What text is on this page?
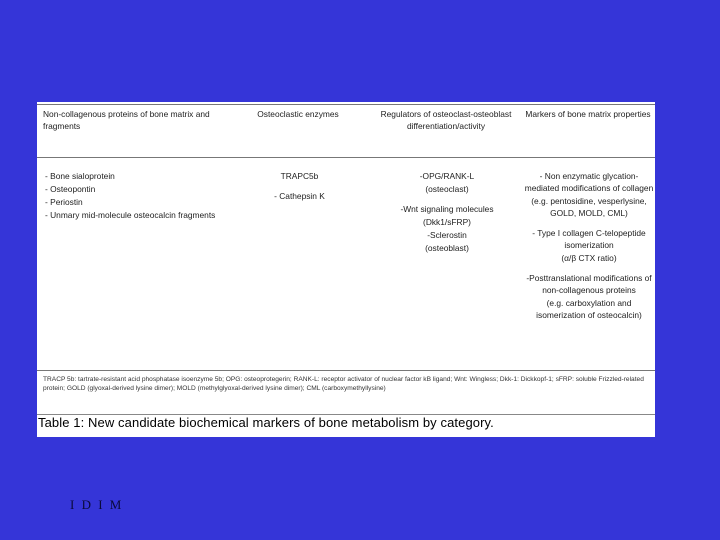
Non-collagenous proteins of bone matrix and fragments
Osteoclastic enzymes	Regulators of osteoclast-osteoblast differentiation/activity
Markers of bone matrix properties
- Bone sialoprotein
- Osteopontin
- Periostin
- Unmary mid-molecule osteocalcin fragments
TRAPC5b
- Cathepsin K
-OPG/RANK-L
(osteoclast)
-Wnt signaling molecules
(Dkk1/sFRP)
-Sclerostin
(osteoblast)
- Non enzymatic glycation-mediated modifications of collagen
(e.g. pentosidine, vesperlysine, GOLD, MOLD, CML)
- Type I collagen C-telopeptide isomerization
(α/β CTX ratio)
-Posttranslational modifications of non-collagenous proteins
(e.g. carboxylation and isomerization of osteocalcin)
TRACP 5b: tartrate-resistant acid phosphatase isoenzyme 5b; OPG: osteoprotegerin; RANK-L: receptor activator of nuclear factor kB ligand; Wnt: Wingless; Dkk-1: Dickkopf-1; sFRP: soluble Frizzled-related protein; GOLD (glyoxal-derived lysine dimer); MOLD (methylglyoxal-derived lysine dimer); CML (carboxymethyllysine)
Table 1: New candidate biochemical markers of bone metabolism by category.
I D I M
